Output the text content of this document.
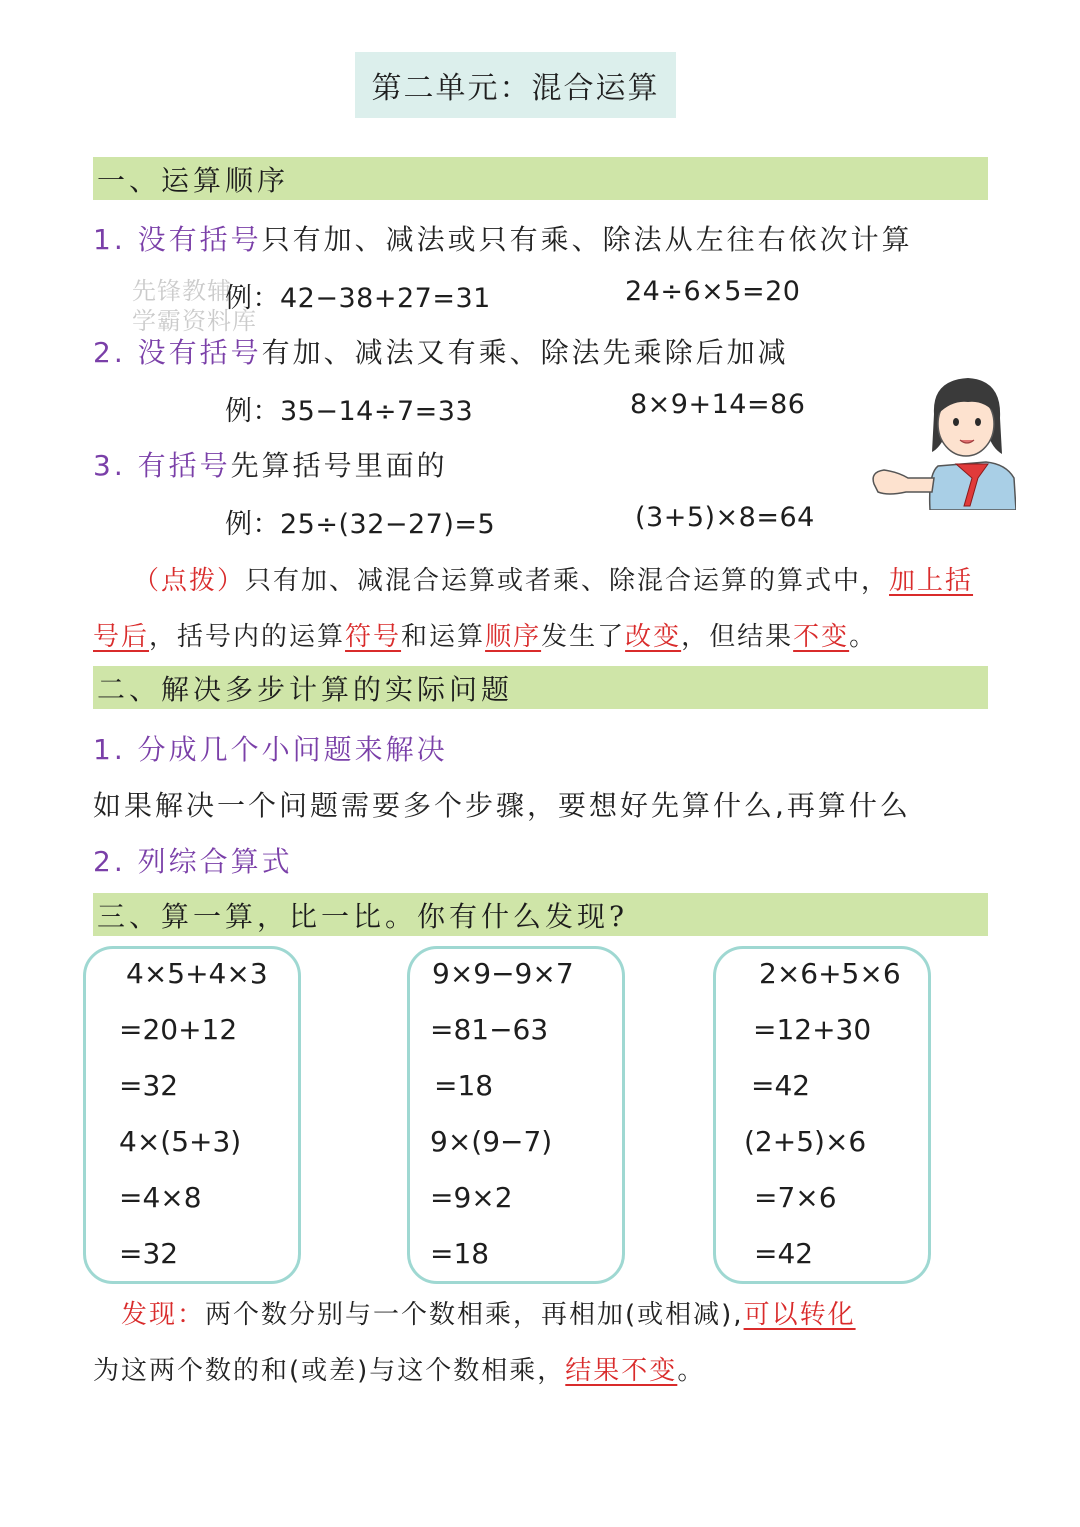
第二单元：混合运算
一、运算顺序
1. 没有括号只有加、减法或只有乘、除法从左往右依次计算
先锋教辅
学霸资料库
例：42−38+27=31	24÷6×5=20
2. 没有括号有加、减法又有乘、除法先乘除后加减
例：35−14÷7=33	8×9+14=86
3. 有括号先算括号里面的
例：25÷(32−27)=5	(3+5)×8=64
（点拨）只有加、减混合运算或者乘、除混合运算的算式中，加上括
号后，括号内的运算符号和运算顺序发生了改变，但结果不变。
二、解决多步计算的实际问题
1. 分成几个小问题来解决
如果解决一个问题需要多个步骤，要想好先算什么,再算什么
2. 列综合算式
三、算一算，比一比。你有什么发现?
4×5+4×3
=20+12
=32
4×(5+3)
=4×8
=32
9×9−9×7
=81−63
=18
9×(9−7)
=9×2
=18
2×6+5×6
=12+30
=42
(2+5)×6
=7×6
=42
发现：两个数分别与一个数相乘，再相加(或相减),可以转化
为这两个数的和(或差)与这个数相乘，结果不变。
